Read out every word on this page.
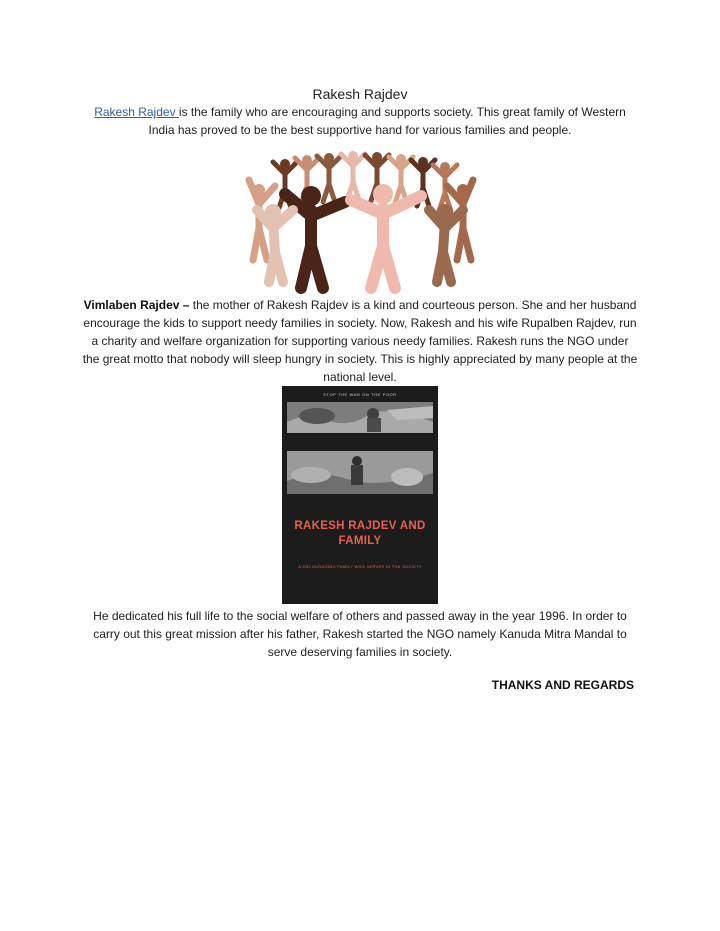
Rakesh Rajdev

Rakesh Rajdev is the family who are encouraging and supports society. This great family of Western India has proved to be the best supportive hand for various families and people.

Vimlaben Rajdev – the mother of Rakesh Rajdev is a kind and courteous person. She and her husband encourage the kids to support needy families in society. Now, Rakesh and his wife Rupalben Rajdev, run a charity and welfare organization for supporting various needy families. Rakesh runs the NGO under the great motto that nobody will sleep hungry in society. This is highly appreciated by many people at the national level.

STOP THE WAR ON THE POOR
RAKESH RAJDEV AND FAMILY
A ENCOURAGING FAMILY WHO SERVES IN THE SOCIETY

He dedicated his full life to the social welfare of others and passed away in the year 1996. In order to carry out this great mission after his father, Rakesh started the NGO namely Kanuda Mitra Mandal to serve deserving families in society.

THANKS AND REGARDS
